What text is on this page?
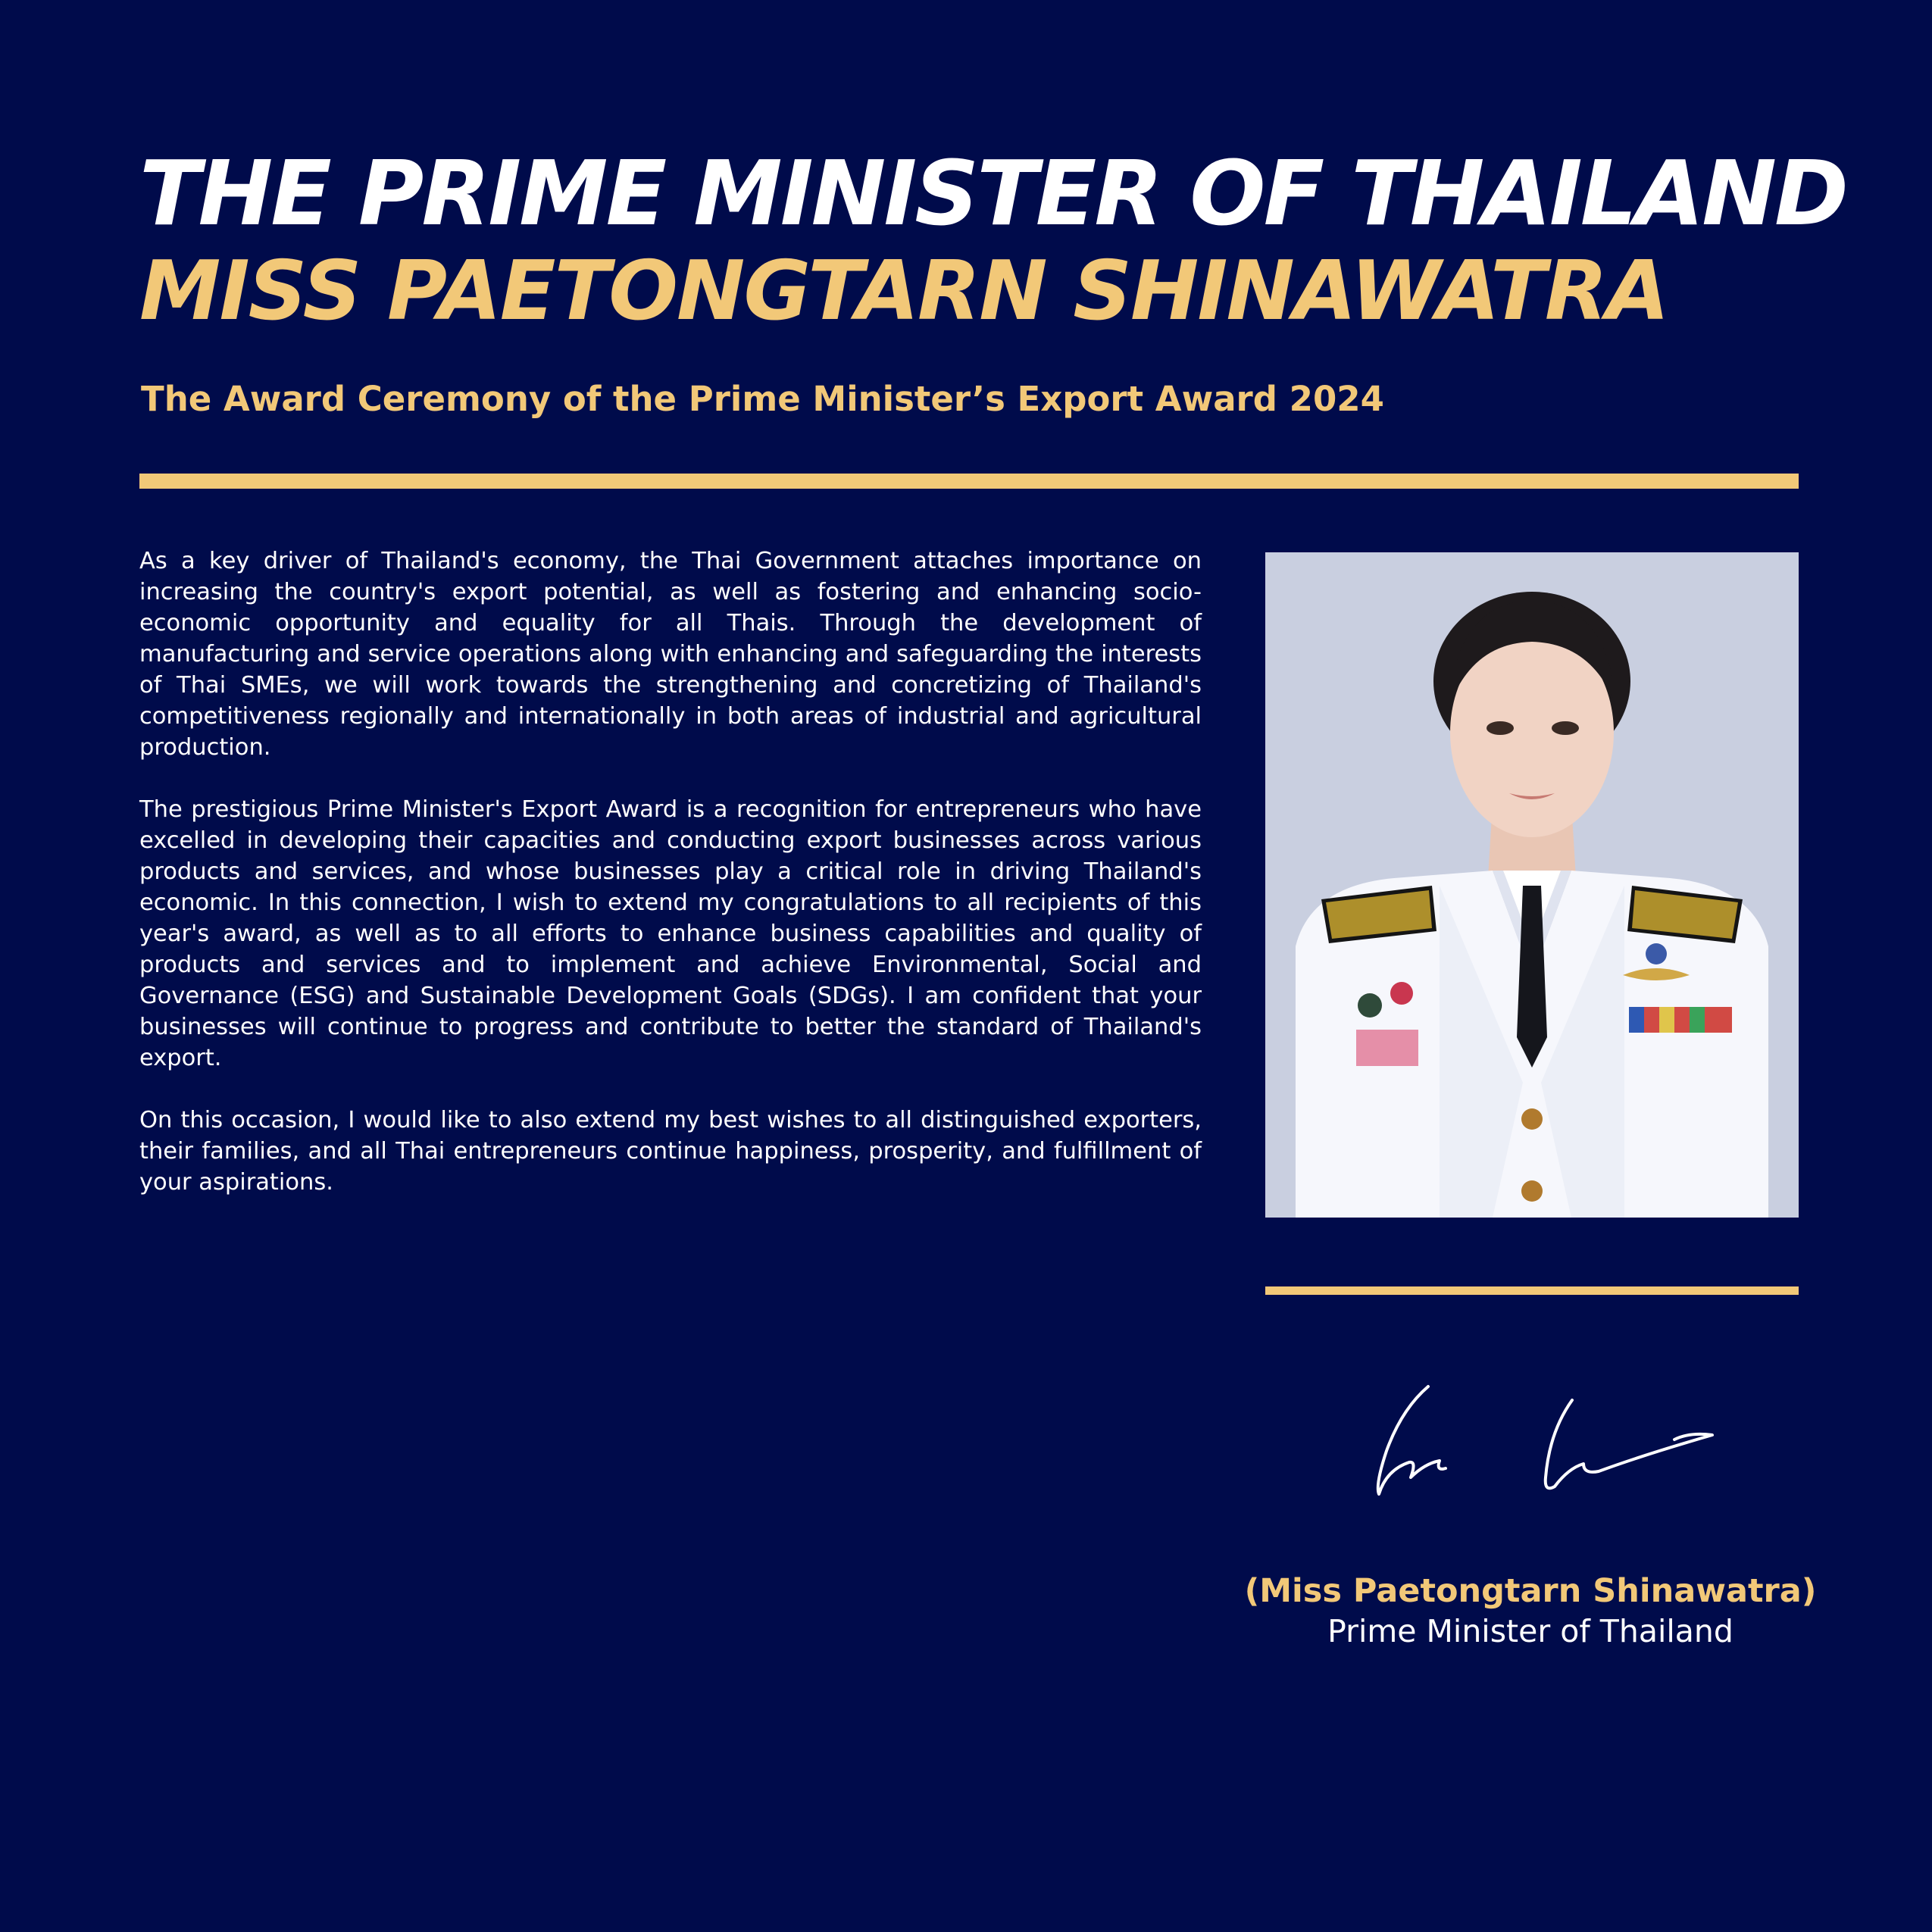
THE PRIME MINISTER OF THAILAND
MISS PAETONGTARN SHINAWATRA
The Award Ceremony of the Prime Minister’s Export Award 2024

As a key driver of Thailand's economy, the Thai Government attaches importance on increasing the country's export potential, as well as fostering and enhancing socio-economic opportunity and equality for all Thais. Through the development of manufacturing and service operations along with enhancing and safeguarding the interests of Thai SMEs, we will work towards the strengthening and concretizing of Thailand's competitiveness regionally and internationally in both areas of industrial and agricultural production.

The prestigious Prime Minister's Export Award is a recognition for entrepreneurs who have excelled in developing their capacities and conducting export businesses across various products and services, and whose businesses play a critical role in driving Thailand's economic. In this connection, I wish to extend my congratulations to all recipients of this year's award, as well as to all efforts to enhance business capabilities and quality of products and services and to implement and achieve Environmental, Social and Governance (ESG) and Sustainable Development Goals (SDGs). I am confident that your businesses will continue to progress and contribute to better the standard of Thailand's export.

On this occasion, I would like to also extend my best wishes to all distinguished exporters, their families, and all Thai entrepreneurs continue happiness, prosperity, and fulfillment of your aspirations.

(Miss Paetongtarn Shinawatra)
Prime Minister of Thailand
